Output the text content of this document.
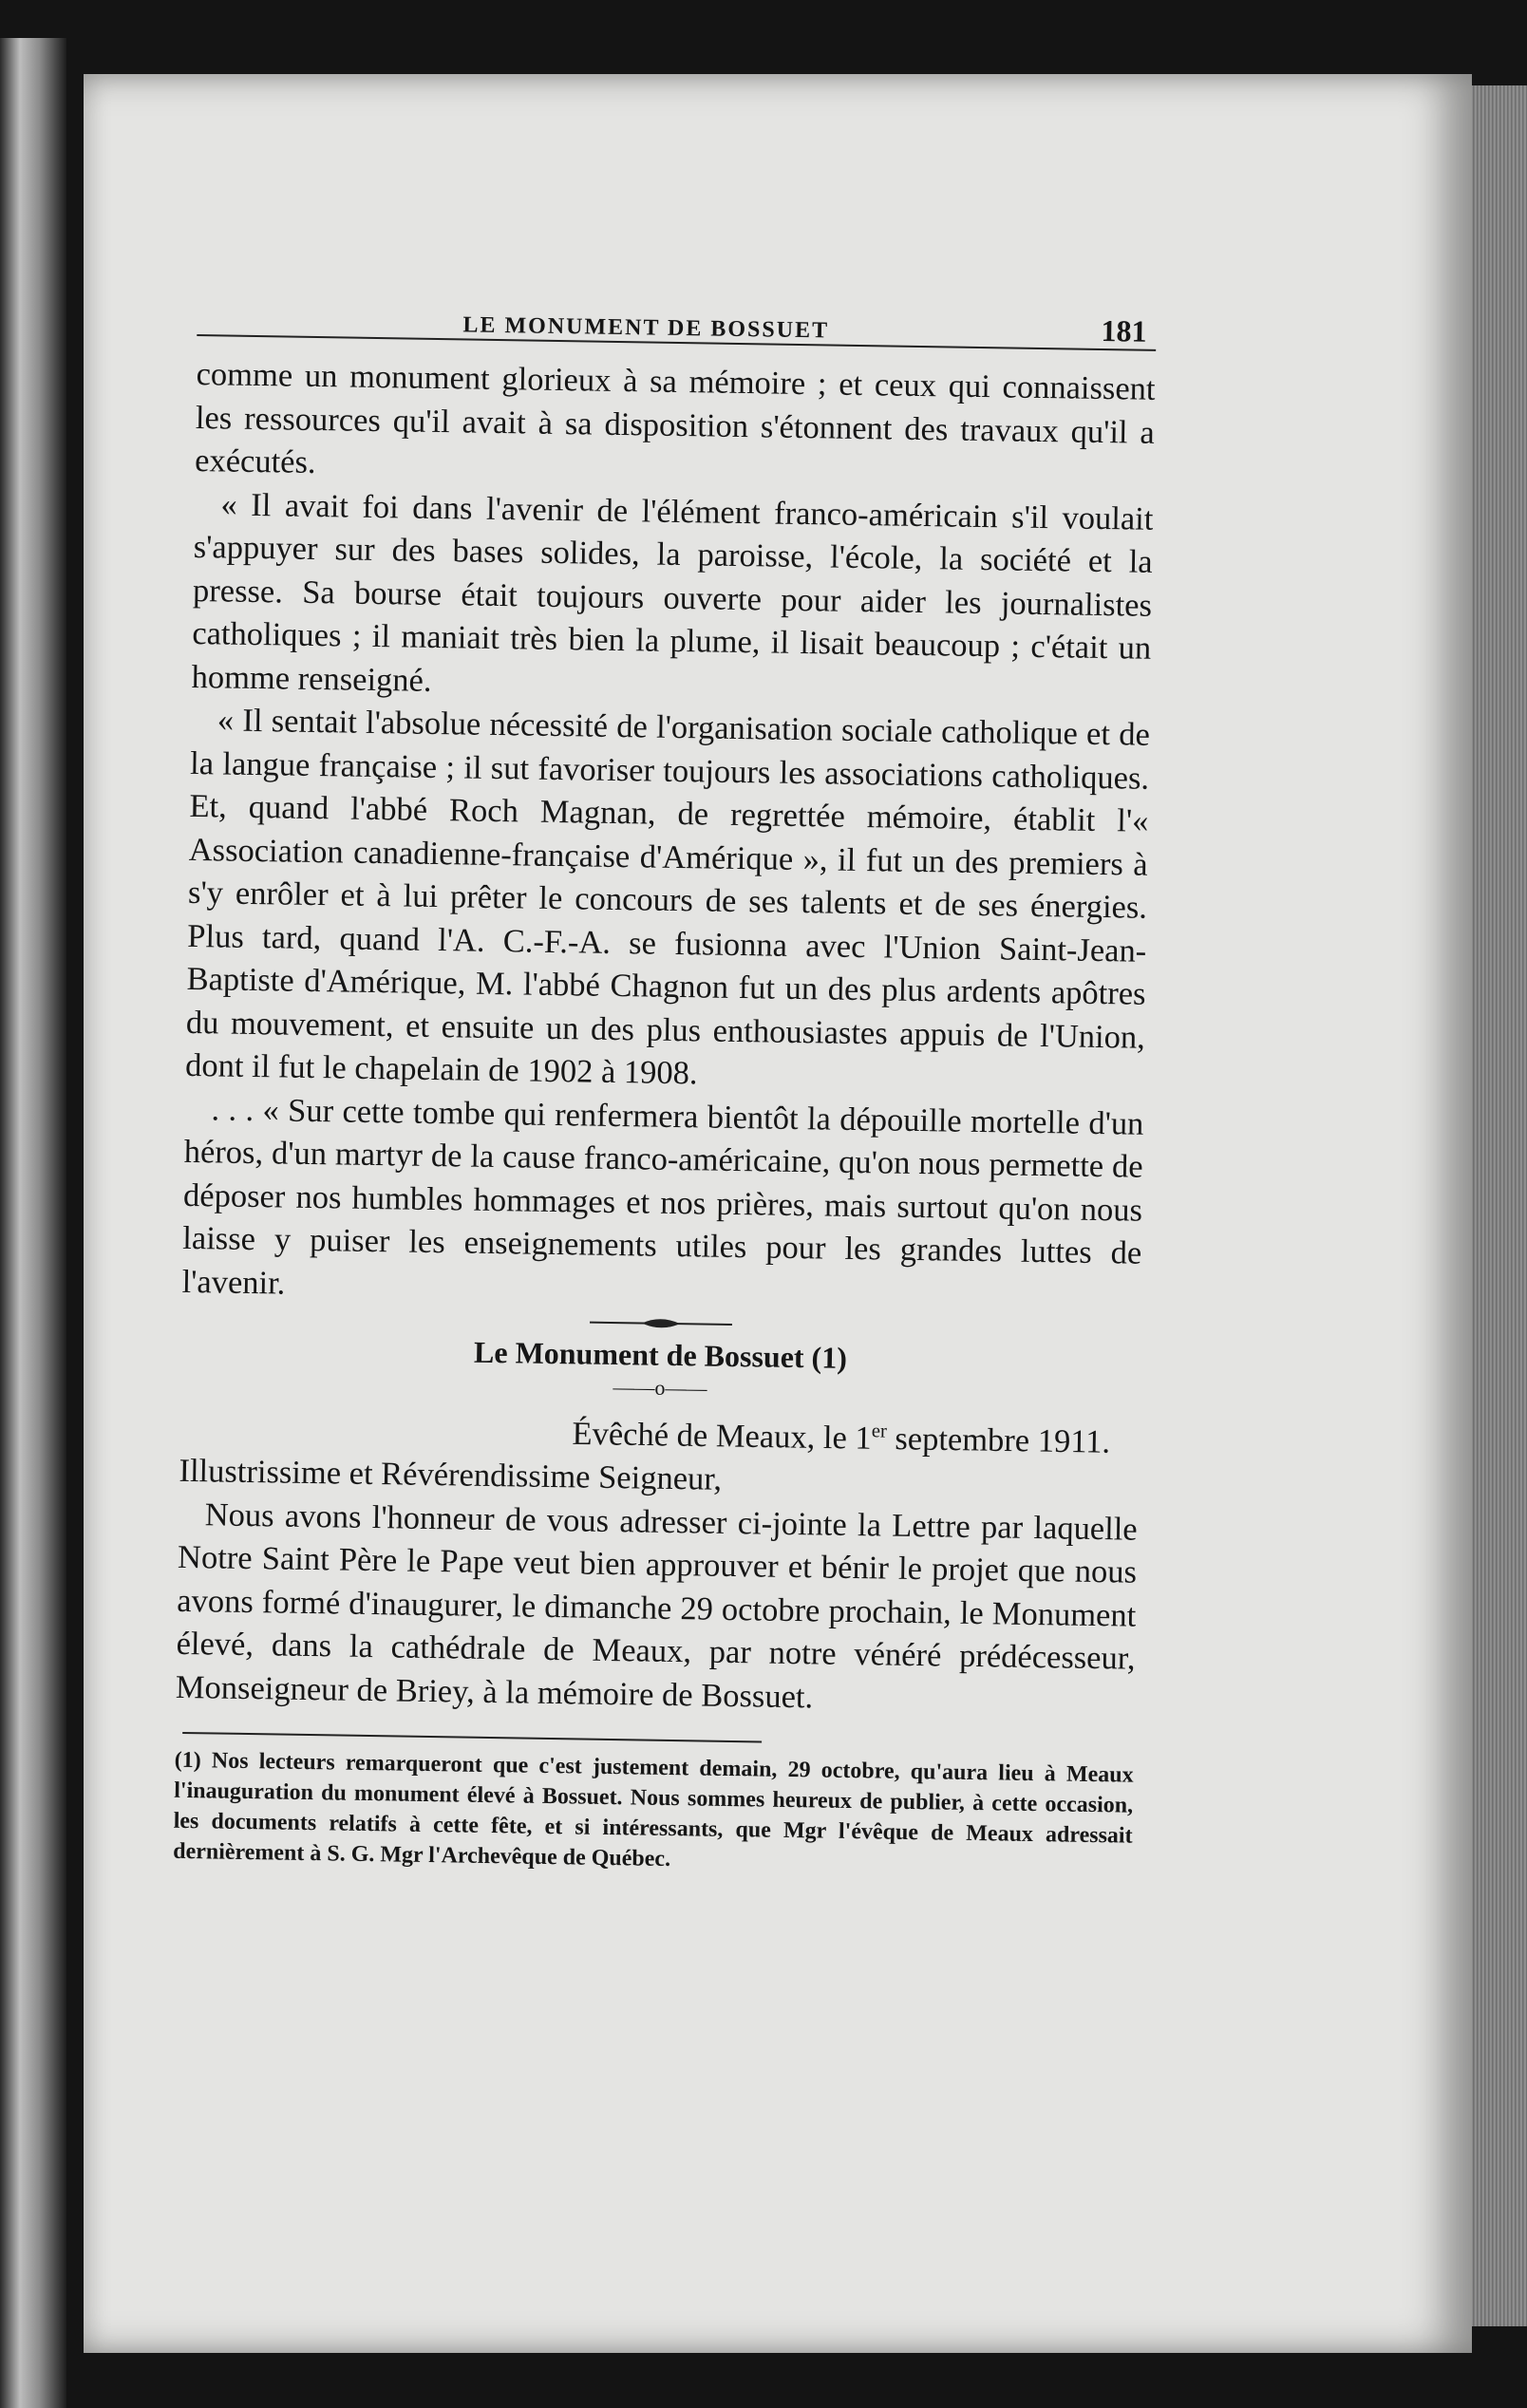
LE MONUMENT DE BOSSUET	181

comme un monument glorieux à sa mémoire ; et ceux qui connaissent les ressources qu'il avait à sa disposition s'étonnent des travaux qu'il a exécutés.

« Il avait foi dans l'avenir de l'élément franco-américain s'il voulait s'appuyer sur des bases solides, la paroisse, l'école, la société et la presse. Sa bourse était toujours ouverte pour aider les journalistes catholiques ; il maniait très bien la plume, il lisait beaucoup ; c'était un homme renseigné.

« Il sentait l'absolue nécessité de l'organisation sociale catholique et de la langue française ; il sut favoriser toujours les associations catholiques. Et, quand l'abbé Roch Magnan, de regrettée mémoire, établit l'« Association canadienne-française d'Amérique », il fut un des premiers à s'y enrôler et à lui prêter le concours de ses talents et de ses énergies. Plus tard, quand l'A. C.-F.-A. se fusionna avec l'Union Saint-Jean-Baptiste d'Amérique, M. l'abbé Chagnon fut un des plus ardents apôtres du mouvement, et ensuite un des plus enthousiastes appuis de l'Union, dont il fut le chapelain de 1902 à 1908.

. . . « Sur cette tombe qui renfermera bientôt la dépouille mortelle d'un héros, d'un martyr de la cause franco-américaine, qu'on nous permette de déposer nos humbles hommages et nos prières, mais surtout qu'on nous laisse y puiser les enseignements utiles pour les grandes luttes de l'avenir.

Le Monument de Bossuet (1)
——o——
Évêché de Meaux, le 1er septembre 1911.
Illustrissime et Révérendissime Seigneur,

Nous avons l'honneur de vous adresser ci-jointe la Lettre par laquelle Notre Saint Père le Pape veut bien approuver et bénir le projet que nous avons formé d'inaugurer, le dimanche 29 octobre prochain, le Monument élevé, dans la cathédrale de Meaux, par notre vénéré prédécesseur, Monseigneur de Briey, à la mémoire de Bossuet.

(1) Nos lecteurs remarqueront que c'est justement demain, 29 octobre, qu'aura lieu à Meaux l'inauguration du monument élevé à Bossuet. Nous sommes heureux de publier, à cette occasion, les documents relatifs à cette fête, et si intéressants, que Mgr l'évêque de Meaux adressait dernièrement à S. G. Mgr l'Archevêque de Québec.
